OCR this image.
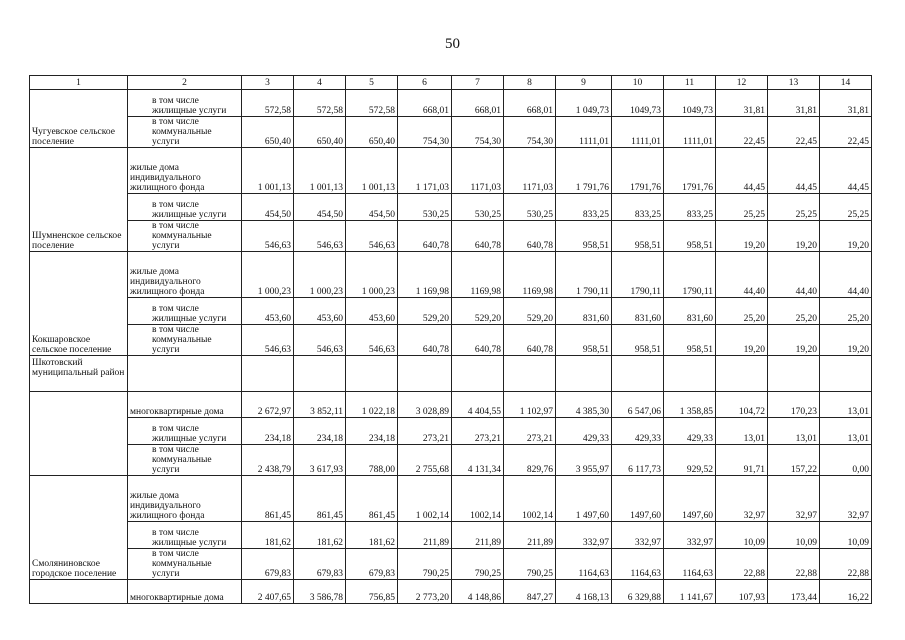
50
1	2	3	4	5	6	7	8	9	10	11	12	13	14
Чугуевское сельское поселение	в том числе жилищные услуги	572,58	572,58	572,58	668,01	668,01	668,01	1 049,73	1049,73	1049,73	31,81	31,81	31,81
	в том числе коммунальные услуги	650,40	650,40	650,40	754,30	754,30	754,30	1111,01	1111,01	1111,01	22,45	22,45	22,45
Шумненское сельское поселение	жилые дома индивидуального жилищного фонда	1 001,13	1 001,13	1 001,13	1 171,03	1171,03	1171,03	1 791,76	1791,76	1791,76	44,45	44,45	44,45
	в том числе жилищные услуги	454,50	454,50	454,50	530,25	530,25	530,25	833,25	833,25	833,25	25,25	25,25	25,25
	в том числе коммунальные услуги	546,63	546,63	546,63	640,78	640,78	640,78	958,51	958,51	958,51	19,20	19,20	19,20
Кокшаровское сельское поселение	жилые дома индивидуального жилищного фонда	1 000,23	1 000,23	1 000,23	1 169,98	1169,98	1169,98	1 790,11	1790,11	1790,11	44,40	44,40	44,40
	в том числе жилищные услуги	453,60	453,60	453,60	529,20	529,20	529,20	831,60	831,60	831,60	25,20	25,20	25,20
	в том числе коммунальные услуги	546,63	546,63	546,63	640,78	640,78	640,78	958,51	958,51	958,51	19,20	19,20	19,20
Шкотовский муниципальный район													
	многоквартирные дома	2 672,97	3 852,11	1 022,18	3 028,89	4 404,55	1 102,97	4 385,30	6 547,06	1 358,85	104,72	170,23	13,01
	в том числе жилищные услуги	234,18	234,18	234,18	273,21	273,21	273,21	429,33	429,33	429,33	13,01	13,01	13,01
	в том числе коммунальные услуги	2 438,79	3 617,93	788,00	2 755,68	4 131,34	829,76	3 955,97	6 117,73	929,52	91,71	157,22	0,00
Смоляниновское городское поселение	жилые дома индивидуального жилищного фонда	861,45	861,45	861,45	1 002,14	1002,14	1002,14	1 497,60	1497,60	1497,60	32,97	32,97	32,97
	в том числе жилищные услуги	181,62	181,62	181,62	211,89	211,89	211,89	332,97	332,97	332,97	10,09	10,09	10,09
	в том числе коммунальные услуги	679,83	679,83	679,83	790,25	790,25	790,25	1164,63	1164,63	1164,63	22,88	22,88	22,88
	многоквартирные дома	2 407,65	3 586,78	756,85	2 773,20	4 148,86	847,27	4 168,13	6 329,88	1 141,67	107,93	173,44	16,22
